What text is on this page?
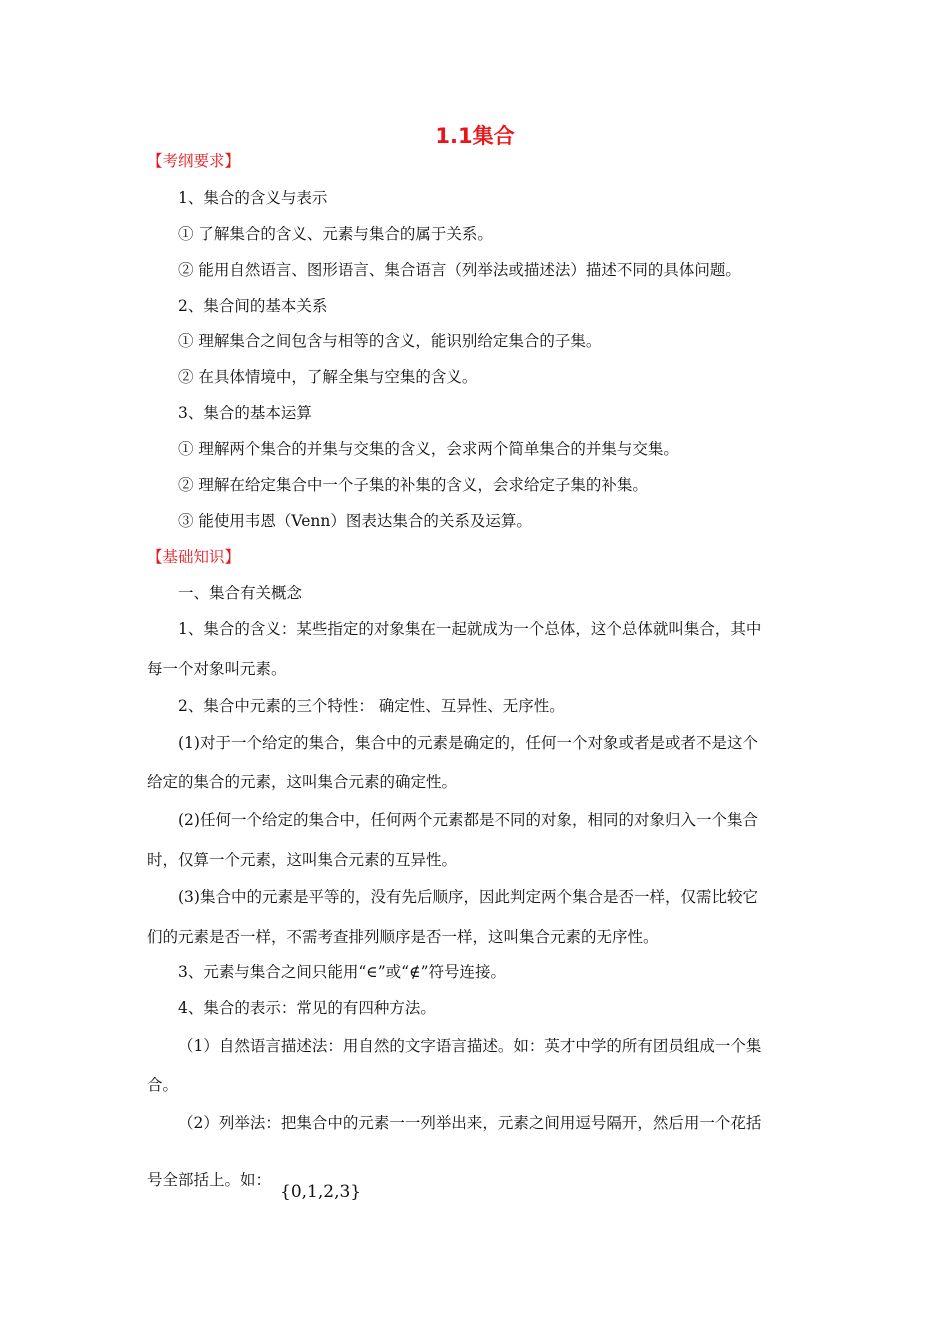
1.1集合
【考纲要求】
1、集合的含义与表示
① 了解集合的含义、元素与集合的属于关系。
② 能用自然语言、图形语言、集合语言（列举法或描述法）描述不同的具体问题。
2、集合间的基本关系
① 理解集合之间包含与相等的含义，能识别给定集合的子集。
② 在具体情境中，了解全集与空集的含义。
3、集合的基本运算
① 理解两个集合的并集与交集的含义，会求两个简单集合的并集与交集。
② 理解在给定集合中一个子集的补集的含义，会求给定子集的补集。
③ 能使用韦恩（Venn）图表达集合的关系及运算。
【基础知识】
一、集合有关概念
1、集合的含义：某些指定的对象集在一起就成为一个总体，这个总体就叫集合，其中
每一个对象叫元素。
2、集合中元素的三个特性： 确定性、互异性、无序性。
(1)对于一个给定的集合，集合中的元素是确定的，任何一个对象或者是或者不是这个
给定的集合的元素，这叫集合元素的确定性。
(2)任何一个给定的集合中，任何两个元素都是不同的对象，相同的对象归入一个集合
时，仅算一个元素，这叫集合元素的互异性。
(3)集合中的元素是平等的，没有先后顺序，因此判定两个集合是否一样，仅需比较它
们的元素是否一样，不需考查排列顺序是否一样，这叫集合元素的无序性。
3、元素与集合之间只能用“∈”或“∉”符号连接。
4、集合的表示：常见的有四种方法。
（1）自然语言描述法：用自然的文字语言描述。如：英才中学的所有团员组成一个集
合。
（2）列举法：把集合中的元素一一列举出来，元素之间用逗号隔开，然后用一个花括
号全部括上。如：
{0,1,2,3}
